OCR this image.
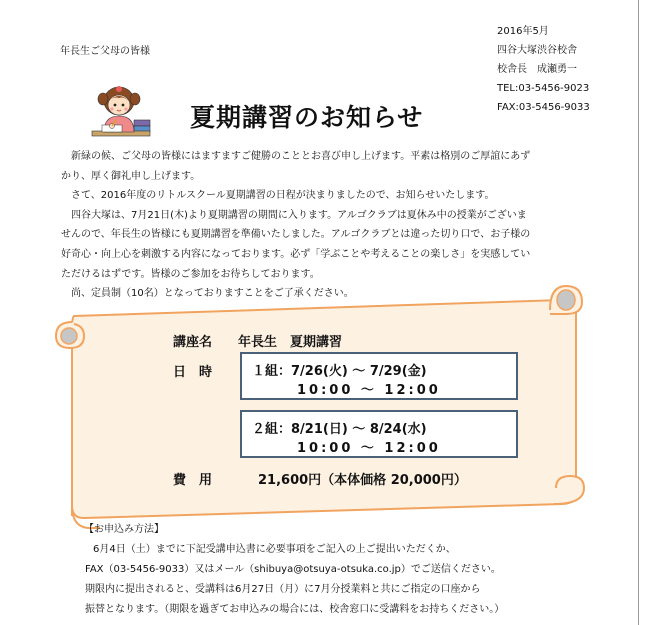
年長生ご父母の皆様
2016年5月
四谷大塚渋谷校舎
校舎長　成瀬勇一
TEL:03-5456-9023
FAX:03-5456-9033
夏期講習のお知らせ

新緑の候、ご父母の皆様にはますますご健勝のこととお喜び申し上げます。平素は格別のご厚誼にあず

かり、厚く御礼申し上げます。

さて、2016年度のリトルスクール夏期講習の日程が決まりましたので、お知らせいたします。

四谷大塚は、7月21日(木)より夏期講習の期間に入ります。アルゴクラブは夏休み中の授業がございま

せんので、年長生の皆様にも夏期講習を準備いたしました。アルゴクラブとは違った切り口で、お子様の

好奇心・向上心を刺激する内容になっております。必ず「学ぶことや考えることの楽しさ」を実感してい

ただけるはずです。皆様のご参加をお待ちしております。

尚、定員制（10名）となっておりますことをご了承ください。

講座名 年長生　夏期講習
日　時	１組：7/26(火) ～ 7/29(金)
10:00 ～ 12:00
２組：8/21(日) ～ 8/24(水)
10:00 ～ 12:00
費　用	21,600円（本体価格 20,000円）
【お申込み方法】
6月4日（土）までに下記受講申込書に必要事項をご記入の上ご提出いただくか、
FAX（03-5456-9033）又はメール（shibuya@otsuya-otsuka.co.jp）でご送信ください。
期限内に提出されると、受講料は6月27日（月）に7月分授業料と共にご指定の口座から
振替となります。（期限を過ぎてお申込みの場合には、校舎窓口に受講料をお持ちください。）
